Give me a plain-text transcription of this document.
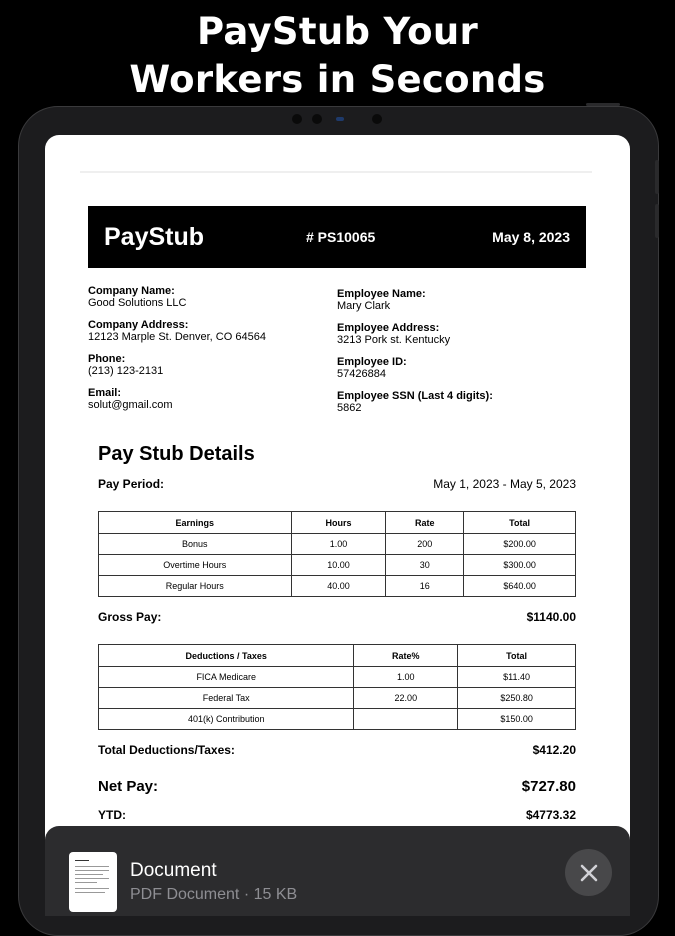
PayStub Your
Workers in Seconds
PayStub	# PS10065	May 8, 2023
Company Name:
Good Solutions LLC
Company Address:
12123 Marple St. Denver, CO 64564
Phone:
(213) 123-2131
Email:
solut@gmail.com
Employee Name:
Mary Clark
Employee Address:
3213 Pork st. Kentucky
Employee ID:
57426884
Employee SSN (Last 4 digits):
5862
Pay Stub Details
Pay Period:	May 1, 2023 - May 5, 2023
Earnings	Hours	Rate	Total
Bonus	1.00	200	$200.00
Overtime Hours	10.00	30	$300.00
Regular Hours	40.00	16	$640.00
Gross Pay:	$1140.00
Deductions / Taxes	Rate%	Total
FICA Medicare	1.00	$11.40
Federal Tax	22.00	$250.80
401(k) Contribution		$150.00
Total Deductions/Taxes:	$412.20
Net Pay:	$727.80
YTD:	$4773.32
Document
PDF Document · 15 KB
